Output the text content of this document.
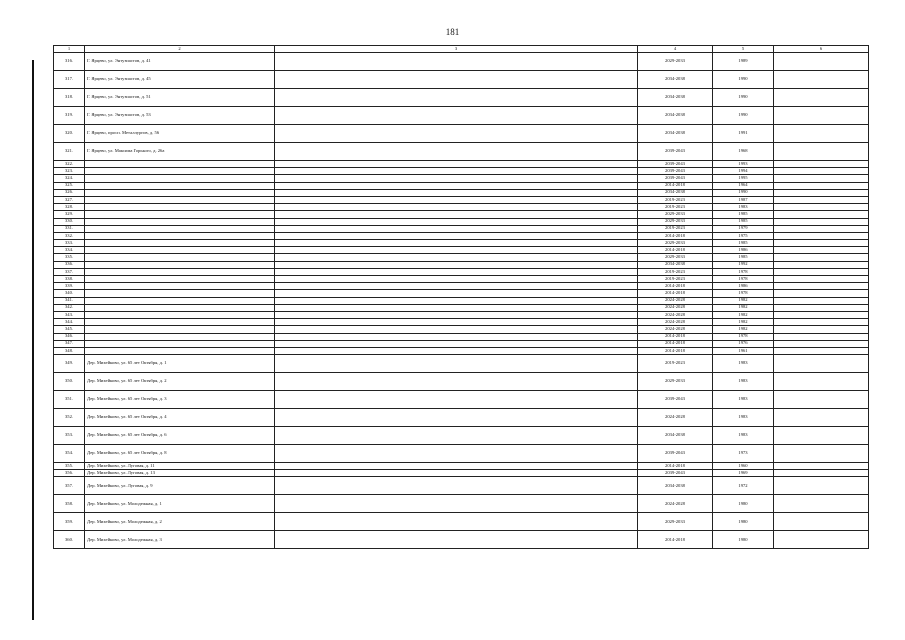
181
1	2	3	4	5	6
316.	Г. Ярцево, ул. Энтузиастов, д. 41		2029-2033	1989	
317.	Г. Ярцево, ул. Энтузиастов, д. 45		2034-2038	1990	
318.	Г. Ярцево, ул. Энтузиастов, д. 51		2034-2038	1990	
319.	Г. Ярцево, ул. Энтузиастов, д. 53		2034-2038	1990	
320.	Г. Ярцево, просп. Металлургов, д. 56		2034-2038	1991	
321.	Г. Ярцево, ул. Максима Горького, д. 26а		2039-2043	1968	
322.			2039-2043	1993	
323.			2039-2043	1994	
324.			2039-2043	1995	
325.			2014-2018	1964	
326.			2034-2038	1990	
327.			2019-2023	1987	
328.			2019-2023	1983	
329.			2029-2033	1985	
330.			2029-2033	1985	
331.			2019-2023	1979	
332.			2014-2018	1975	
333.			2029-2033	1985	
334.			2014-2018	1986	
335.			2029-2033	1985	
336.			2034-2038	1992	
337.			2019-2023	1978	
338.			2019-2023	1978	
339.			2014-2018	1986	
340.			2014-2018	1978	
341.			2024-2028	1982	
342.			2024-2028	1982	
343.			2024-2028	1982	
344.			2024-2028	1982	
345.			2024-2028	1982	
346.			2014-2018	1978	
347.			2014-2018	1976	
348.			2014-2018	1961	
349.	Дер. Михейково, ул. 65 лет Октября, д. 1		2019-2023	1983	
350.	Дер. Михейково, ул. 65 лет Октября, д. 2		2029-2033	1983	
351.	Дер. Михейково, ул. 65 лет Октября, д. 3		2039-2043	1983	
352.	Дер. Михейково, ул. 65 лет Октября, д. 4		2024-2028	1983	
353.	Дер. Михейково, ул. 65 лет Октября, д. 6		2034-2038	1983	
354.	Дер. Михейково, ул. 65 лет Октября, д. 8		2039-2043	1973	
355.	Дер. Михейково, ул. Луговая, д. 11		2014-2018	1960	
356.	Дер. Михейково, ул. Луговая, д. 13		2039-2043	1969	
357.	Дер. Михейково, ул. Луговая, д. 9		2034-2038	1972	
358.	Дер. Михейково, ул. Молодежная, д. 1		2024-2028	1980	
359.	Дер. Михейково, ул. Молодежная, д. 2		2029-2033	1980	
360.	Дер. Михейково, ул. Молодежная, д. 3		2014-2018	1980	
